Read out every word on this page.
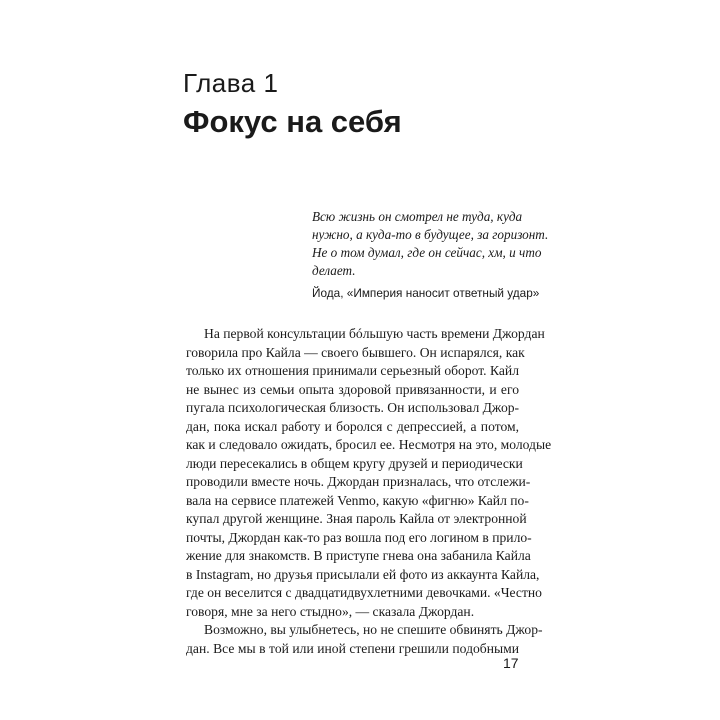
Глава 1
Фокус на себя
Всю жизнь он смотрел не туда, куда
нужно, а куда-то в будущее, за горизонт.
Не о том думал, где он сейчас, хм, и что
делает.
Йода, «Империя наносит ответный удар»
На первой консультации бóльшую часть времени Джордан
говорила про Кайла — своего бывшего. Он испарялся, как
только их отношения принимали серьезный оборот. Кайл
не вынес из семьи опыта здоровой привязанности, и его
пугала психологическая близость. Он использовал Джор-
дан, пока искал работу и боролся с депрессией, а потом,
как и следовало ожидать, бросил ее. Несмотря на это, молодые
люди пересекались в общем кругу друзей и периодически
проводили вместе ночь. Джордан призналась, что отслежи-
вала на сервисе платежей Venmo, какую «фигню» Кайл по-
купал другой женщине. Зная пароль Кайла от электронной
почты, Джордан как-то раз вошла под его логином в прило-
жение для знакомств. В приступе гнева она забанила Кайла
в Instagram, но друзья присылали ей фото из аккаунта Кайла,
где он веселится с двадцатидвухлетними девочками. «Честно
говоря, мне за него стыдно», — сказала Джордан.
Возможно, вы улыбнетесь, но не спешите обвинять Джор-
дан. Все мы в той или иной степени грешили подобными
17
